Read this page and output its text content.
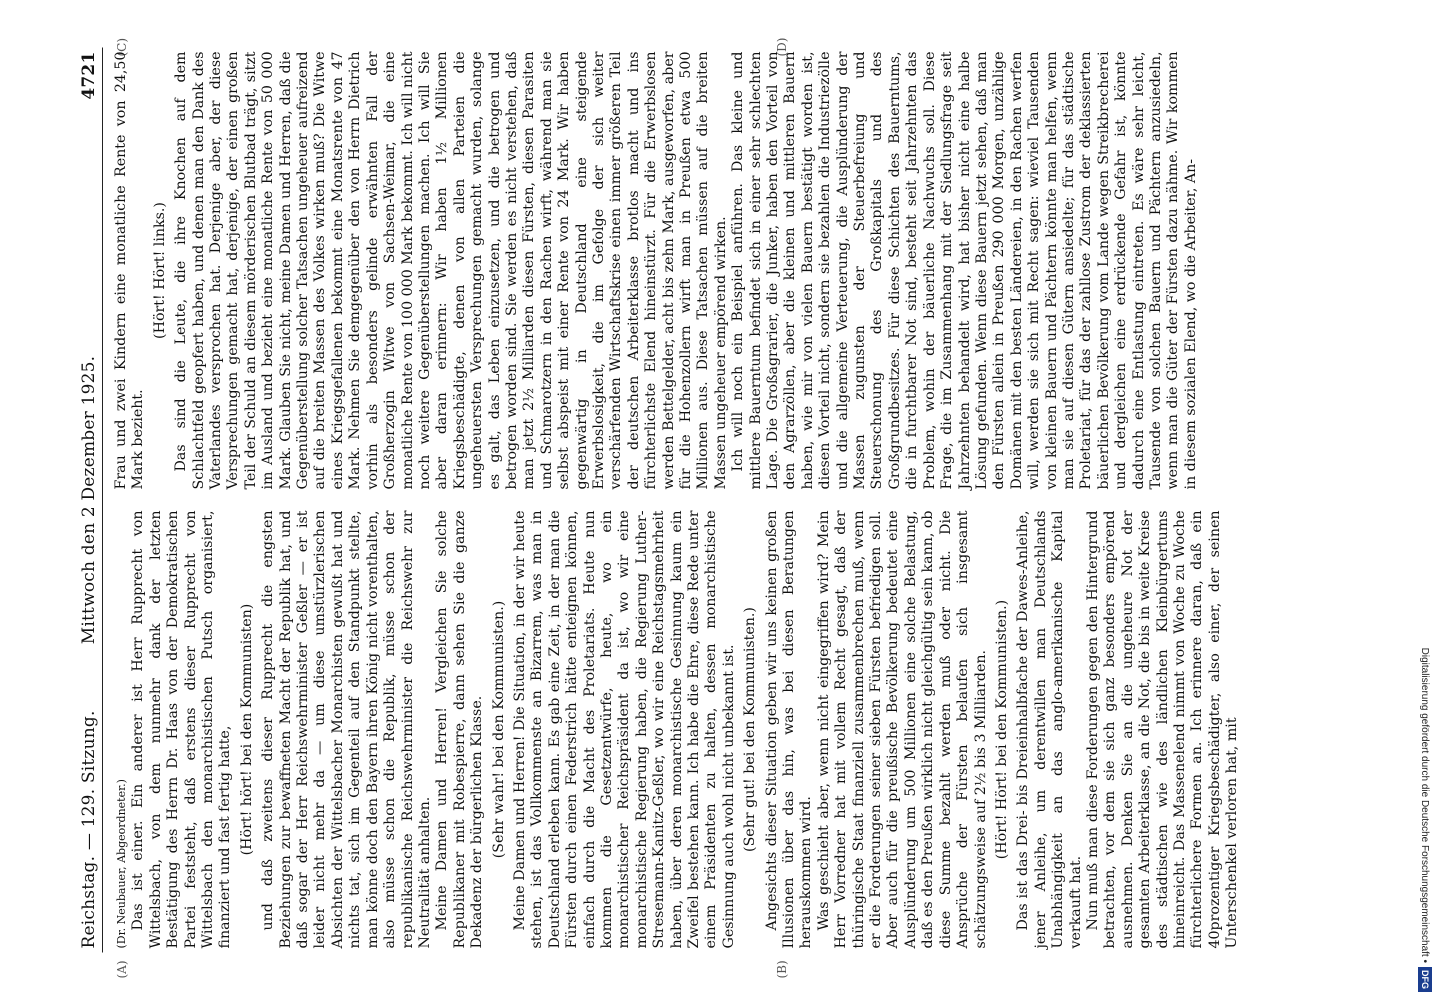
Reichstag. — 129. Sitzung.
Mittwoch den 2 Dezember 1925.
4721
(A)	(B)
(C)	(D)

(Dr. Neubauer, Abgeordneter.) Das ist einer. Ein anderer ist Herr Rupprecht von Wittelsbach, von dem nunmehr dank der letzten Bestätigung des Herrn Dr. Haas von der Demokratischen Partei feststeht, daß erstens dieser Rupprecht von Wittelsbach den monarchistischen Putsch organisiert, finanziert und fast fertig hatte, (Hört! hört! bei den Kommunisten) und daß zweitens dieser Rupprecht die engsten Beziehungen zur bewaffneten Macht der Republik hat, und daß sogar der Herr Reichswehrminister Geßler — er ist leider nicht mehr da — um diese umstürzlerischen Absichten der Wittelsbacher Monarchisten gewußt hat und nichts tat, sich im Gegenteil auf den Standpunkt stellte, man könne doch den Bayern ihren König nicht vorenthalten, also müsse schon die Republik, müsse schon der republikanische Reichswehrminister die Reichswehr zur Neutralität anhalten. Meine Damen und Herren! Vergleichen Sie solche Republikaner mit Robespierre, dann sehen Sie die ganze Dekadenz der bürgerlichen Klasse. (Sehr wahr! bei den Kommunisten.) Meine Damen und Herren! Die Situation, in der wir heute stehen, ist das Vollkommenste an Bizarrem, was man in Deutschland erleben kann. Es gab eine Zeit, in der man die Fürsten durch einen Federstrich hätte enteignen können, einfach durch die Macht des Proletariats. Heute nun kommen die Gesetzentwürfe, heute, wo ein monarchistischer Reichspräsident da ist, wo wir eine monarchistische Regierung haben, die Regierung Luther-Stresemann-Kanitz-Geßler, wo wir eine Reichstagsmehrheit haben, über deren monarchistische Gesinnung kaum ein Zweifel bestehen kann. Ich habe die Ehre, diese Rede unter einem Präsidenten zu halten, dessen monarchistische Gesinnung auch wohl nicht unbekannt ist. (Sehr gut! bei den Kommunisten.) Angesichts dieser Situation geben wir uns keinen großen Illusionen über das hin, was bei diesen Beratungen herauskommen wird. Was geschieht aber, wenn nicht eingegriffen wird? Mein Herr Vorredner hat mit vollem Recht gesagt, daß der thüringische Staat finanziell zusammenbrechen muß, wenn er die Forderungen seiner sieben Fürsten befriedigen soll. Aber auch für die preußische Bevölkerung bedeutet eine Ausplünderung um 500 Millionen eine solche Belastung, daß es den Preußen wirklich nicht gleichgültig sein kann, ob diese Summe bezahlt werden muß oder nicht. Die Ansprüche der Fürsten belaufen sich insgesamt schätzungsweise auf 2½ bis 3 Milliarden. (Hört! Hört! bei den Kommunisten.) Das ist das Drei- bis Dreieinhalbfache der Dawes-Anleihe, jener Anleihe, um derentwillen man Deutschlands Unabhängigkeit an das anglo-amerikanische Kapital verkauft hat. Nun muß man diese Forderungen gegen den Hintergrund betrachten, vor dem sie sich ganz besonders empörend ausnehmen. Denken Sie an die ungeheure Not der gesamten Arbeiterklasse, an die Not, die bis in weite Kreise des städtischen wie des ländlichen Kleinbürgertums hineinreicht. Das Massenelend nimmt von Woche zu Woche fürchterlichere Formen an. Ich erinnere daran, daß ein 40prozentiger Kriegsbeschädigter, also einer, der seinen Unterschenkel verloren hat, mit

Frau und zwei Kindern eine monatliche Rente von 24,50 Mark bezieht.

(Hört! Hört! links.) Das sind die Leute, die ihre Knochen auf dem Schlachtfeld geopfert haben, und denen man den Dank des Vaterlandes versprochen hat. Derjenige aber, der diese Versprechungen gemacht hat, derjenige, der einen großen Teil der Schuld an diesem mörderischen Blutbad trägt, sitzt im Ausland und bezieht eine monatliche Rente von 50 000 Mark. Glauben Sie nicht, meine Damen und Herren, daß die Gegenüberstellung solcher Tatsachen ungeheuer aufreizend auf die breiten Massen des Volkes wirken muß? Die Witwe eines Kriegsgefallenen bekommt eine Monatsrente von 47 Mark. Nehmen Sie demgegenüber den von Herrn Dietrich vorhin als besonders gelinde erwähnten Fall der Großherzogin Witwe von Sachsen-Weimar, die eine monatliche Rente von 100 000 Mark bekommt. Ich will nicht noch weitere Gegenüberstellungen machen. Ich will Sie aber daran erinnern: Wir haben 1½ Millionen Kriegsbeschädigte, denen von allen Parteien die ungeheuersten Versprechungen gemacht wurden, solange es galt, das Leben einzusetzen, und die betrogen und betrogen worden sind. Sie werden es nicht verstehen, daß man jetzt 2½ Milliarden diesen Fürsten, diesen Parasiten und Schmarotzern in den Rachen wirft, während man sie selbst abspeist mit einer Rente von 24 Mark. Wir haben gegenwärtig in Deutschland eine steigende Erwerbslosigkeit, die im Gefolge der sich weiter verschärfenden Wirtschaftskrise einen immer größeren Teil der deutschen Arbeiterklasse brotlos macht und ins fürchterlichste Elend hineinstürzt. Für die Erwerbslosen werden Bettelgelder, acht bis zehn Mark, ausgeworfen, aber für die Hohenzollern wirft man in Preußen etwa 500 Millionen aus. Diese Tatsachen müssen auf die breiten Massen ungeheuer empörend wirken. Ich will noch ein Beispiel anführen. Das kleine und mittlere Bauerntum befindet sich in einer sehr schlechten Lage. Die Großagrarier, die Junker, haben den Vorteil von den Agrarzöllen, aber die kleinen und mittleren Bauern haben, wie mir von vielen Bauern bestätigt worden ist, diesen Vorteil nicht, sondern sie bezahlen die Industriezölle und die allgemeine Verteuerung, die Ausplünderung der Massen zugunsten der Steuerbefreiung und Steuerschonung des Großkapitals und des Großgrundbesitzes. Für diese Schichten des Bauerntums, die in furchtbarer Not sind, besteht seit Jahrzehnten das Problem, wohin der bäuerliche Nachwuchs soll. Diese Frage, die im Zusammenhang mit der Siedlungsfrage seit Jahrzehnten behandelt wird, hat bisher nicht eine halbe Lösung gefunden. Wenn diese Bauern jetzt sehen, daß man den Fürsten allein in Preußen 290 000 Morgen, unzählige Domänen mit den besten Ländereien, in den Rachen werfen will, werden sie sich mit Recht sagen: wieviel Tausenden von kleinen Bauern und Pächtern könnte man helfen, wenn man sie auf diesen Gütern ansiedelte; für das städtische Proletariat, für das der zahllose Zustrom der deklassierten bäuerlichen Bevölkerung vom Lande wegen Streikbrecherei und dergleichen eine erdrückende Gefahr ist, könnte dadurch eine Entlastung eintreten. Es wäre sehr leicht, Tausende von solchen Bauern und Pächtern anzusiedeln, wenn man die Güter der Fürsten dazu nähme. Wir kommen in diesem sozialen Elend, wo die Arbeiter, An-

Digitalisierung gefördert durch die Deutsche Forschungsgemeinschaft •DFG
